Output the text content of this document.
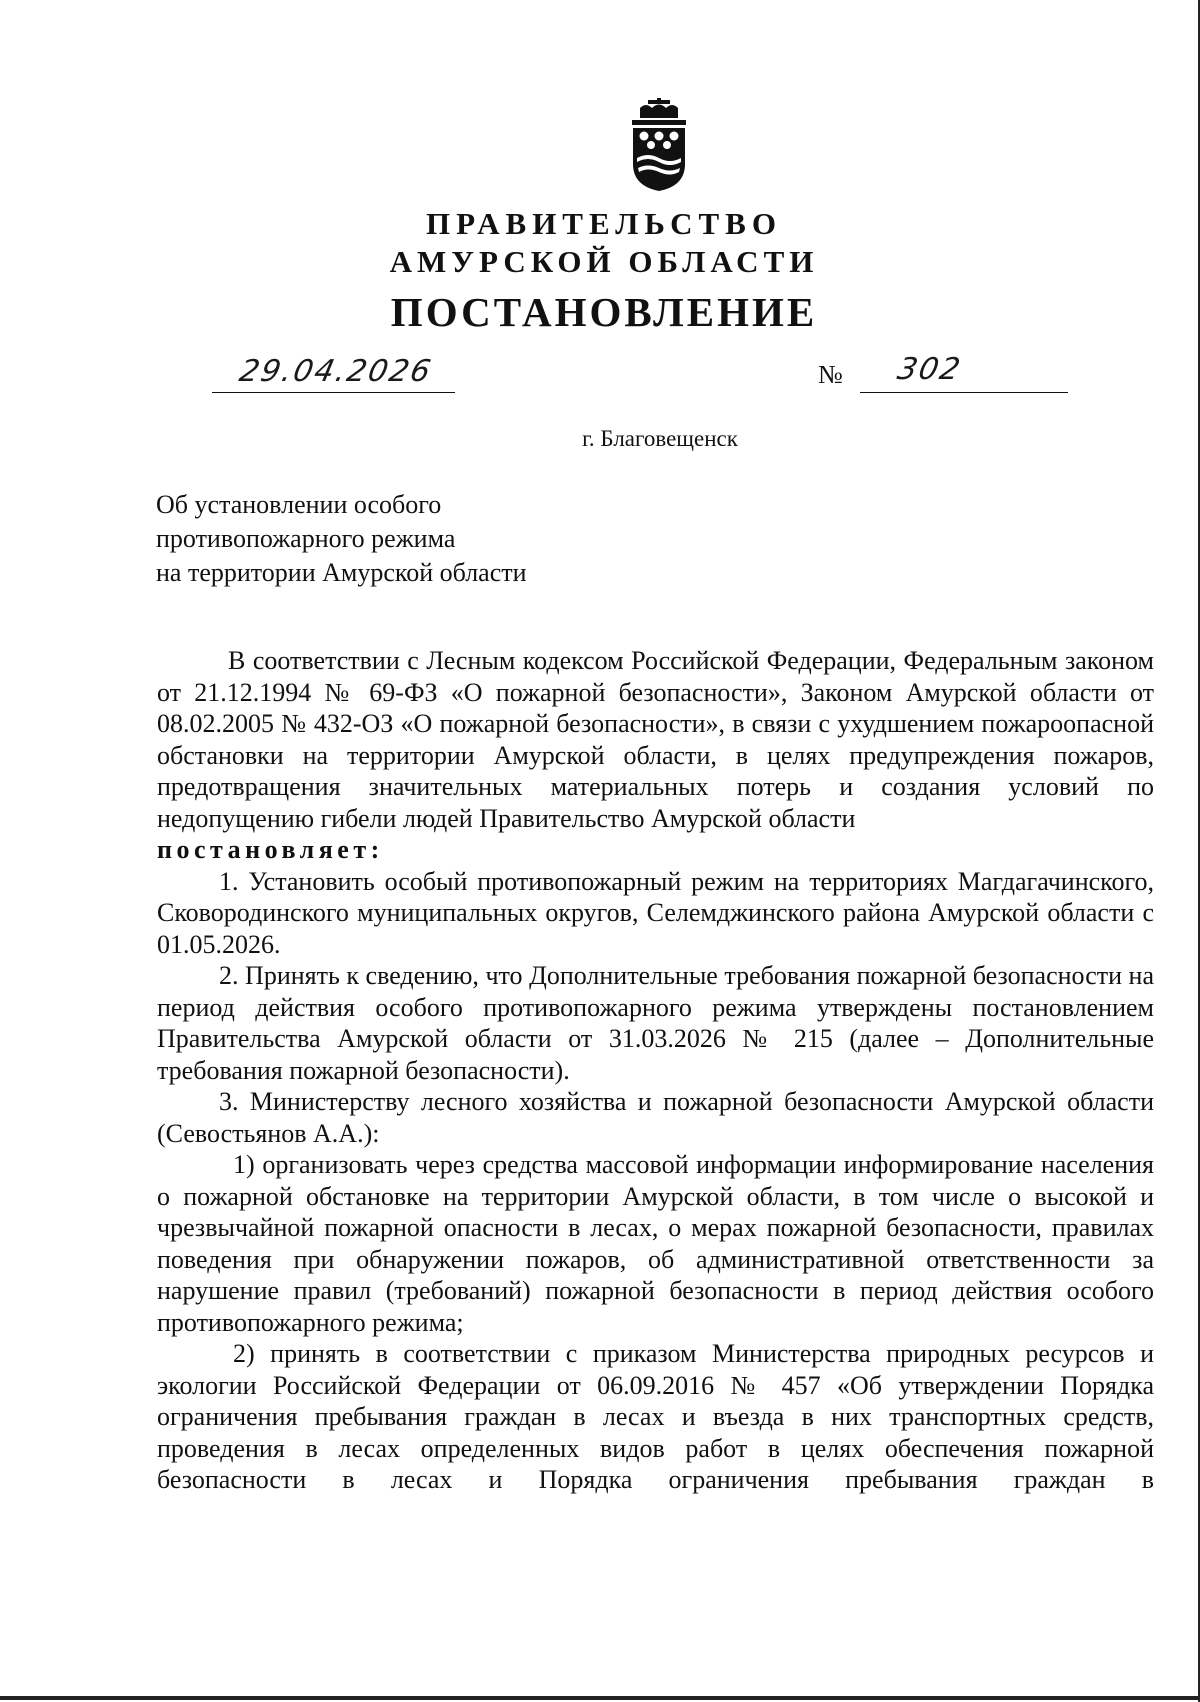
ПРАВИТЕЛЬСТВО
АМУРСКОЙ ОБЛАСТИ
ПОСТАНОВЛЕНИЕ
29.04.2026	№ 302
г. Благовещенск
Об установлении особого
противопожарного режима
на территории Амурской области
В соответствии с Лесным кодексом Российской Федерации, Федеральным законом от 21.12.1994 № 69-ФЗ «О пожарной безопасности», Законом Амурской области от 08.02.2005 № 432-ОЗ «О пожарной безопасности», в связи с ухудшением пожароопасной обстановки на территории Амурской области, в целях предупреждения пожаров, предотвращения значительных материальных потерь и создания условий по недопущению гибели людей Правительство Амурской области
постановляет:
1. Установить особый противопожарный режим на территориях Магдагачинского, Сковородинского муниципальных округов, Селемджинского района Амурской области с 01.05.2026.
2. Принять к сведению, что Дополнительные требования пожарной безопасности на период действия особого противопожарного режима утверждены постановлением Правительства Амурской области от 31.03.2026 № 215 (далее – Дополнительные требования пожарной безопасности).
3. Министерству лесного хозяйства и пожарной безопасности Амурской области (Севостьянов А.А.):
1) организовать через средства массовой информации информирование населения о пожарной обстановке на территории Амурской области, в том числе о высокой и чрезвычайной пожарной опасности в лесах, о мерах пожарной безопасности, правилах поведения при обнаружении пожаров, об административной ответственности за нарушение правил (требований) пожарной безопасности в период действия особого противопожарного режима;
2) принять в соответствии с приказом Министерства природных ресурсов и экологии Российской Федерации от 06.09.2016 № 457 «Об утверждении Порядка ограничения пребывания граждан в лесах и въезда в них транспортных средств, проведения в лесах определенных видов работ в целях обеспечения пожарной безопасности в лесах и Порядка ограничения пребывания граждан в
